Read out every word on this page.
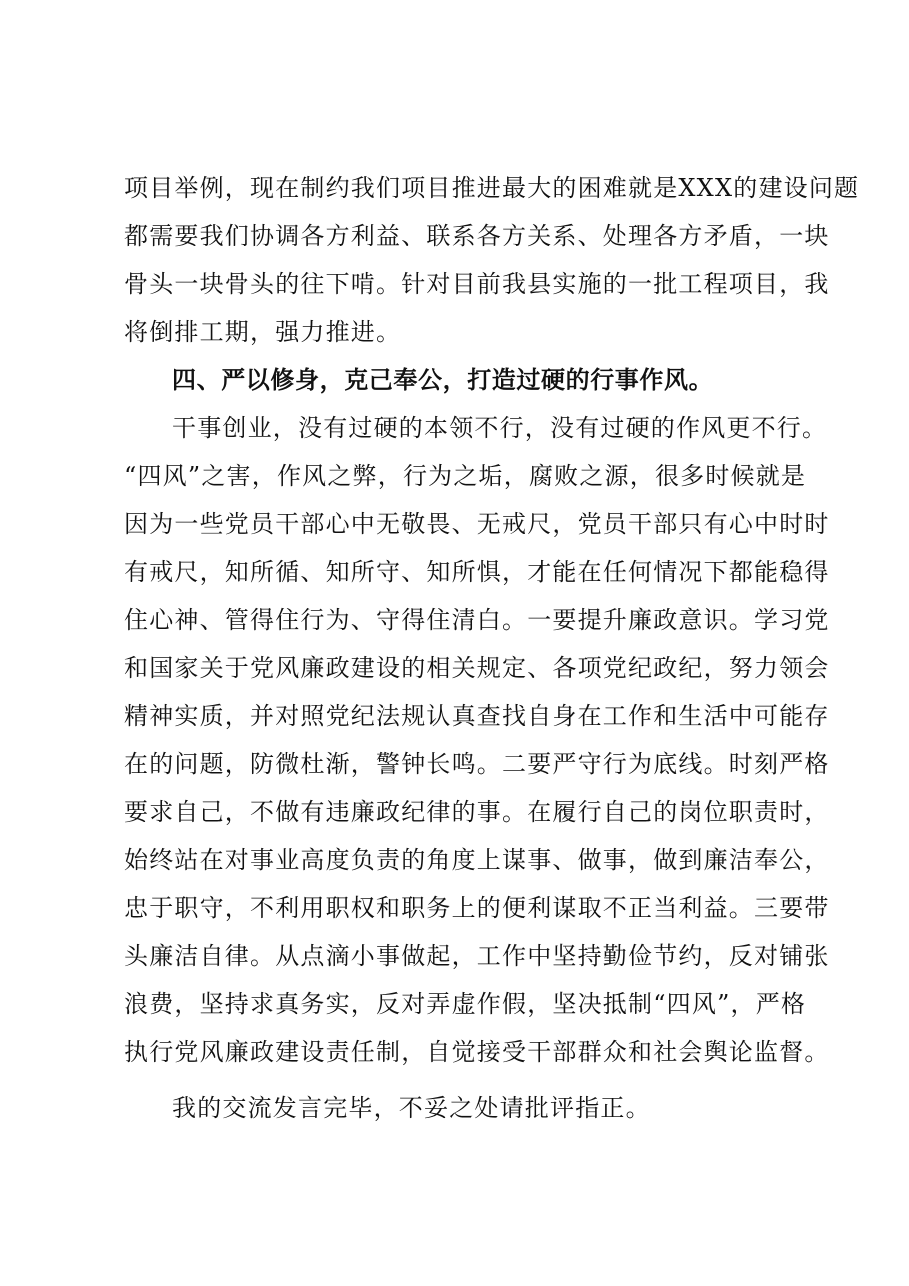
项目举例，现在制约我们项目推进最大的困难就是XXX的建设问题
都需要我们协调各方利益、联系各方关系、处理各方矛盾，一块
骨头一块骨头的往下啃。针对目前我县实施的一批工程项目，我
将倒排工期，强力推进。
四、严以修身，克己奉公，打造过硬的行事作风。
干事创业，没有过硬的本领不行，没有过硬的作风更不行。
“四风”之害，作风之弊，行为之垢，腐败之源，很多时候就是
因为一些党员干部心中无敬畏、无戒尺，党员干部只有心中时时
有戒尺，知所循、知所守、知所惧，才能在任何情况下都能稳得
住心神、管得住行为、守得住清白。一要提升廉政意识。学习党
和国家关于党风廉政建设的相关规定、各项党纪政纪，努力领会
精神实质，并对照党纪法规认真查找自身在工作和生活中可能存
在的问题，防微杜渐，警钟长鸣。二要严守行为底线。时刻严格
要求自己，不做有违廉政纪律的事。在履行自己的岗位职责时，
始终站在对事业高度负责的角度上谋事、做事，做到廉洁奉公，
忠于职守，不利用职权和职务上的便利谋取不正当利益。三要带
头廉洁自律。从点滴小事做起，工作中坚持勤俭节约，反对铺张
浪费，坚持求真务实，反对弄虚作假，坚决抵制“四风”，严格
执行党风廉政建设责任制，自觉接受干部群众和社会舆论监督。
我的交流发言完毕，不妥之处请批评指正。
